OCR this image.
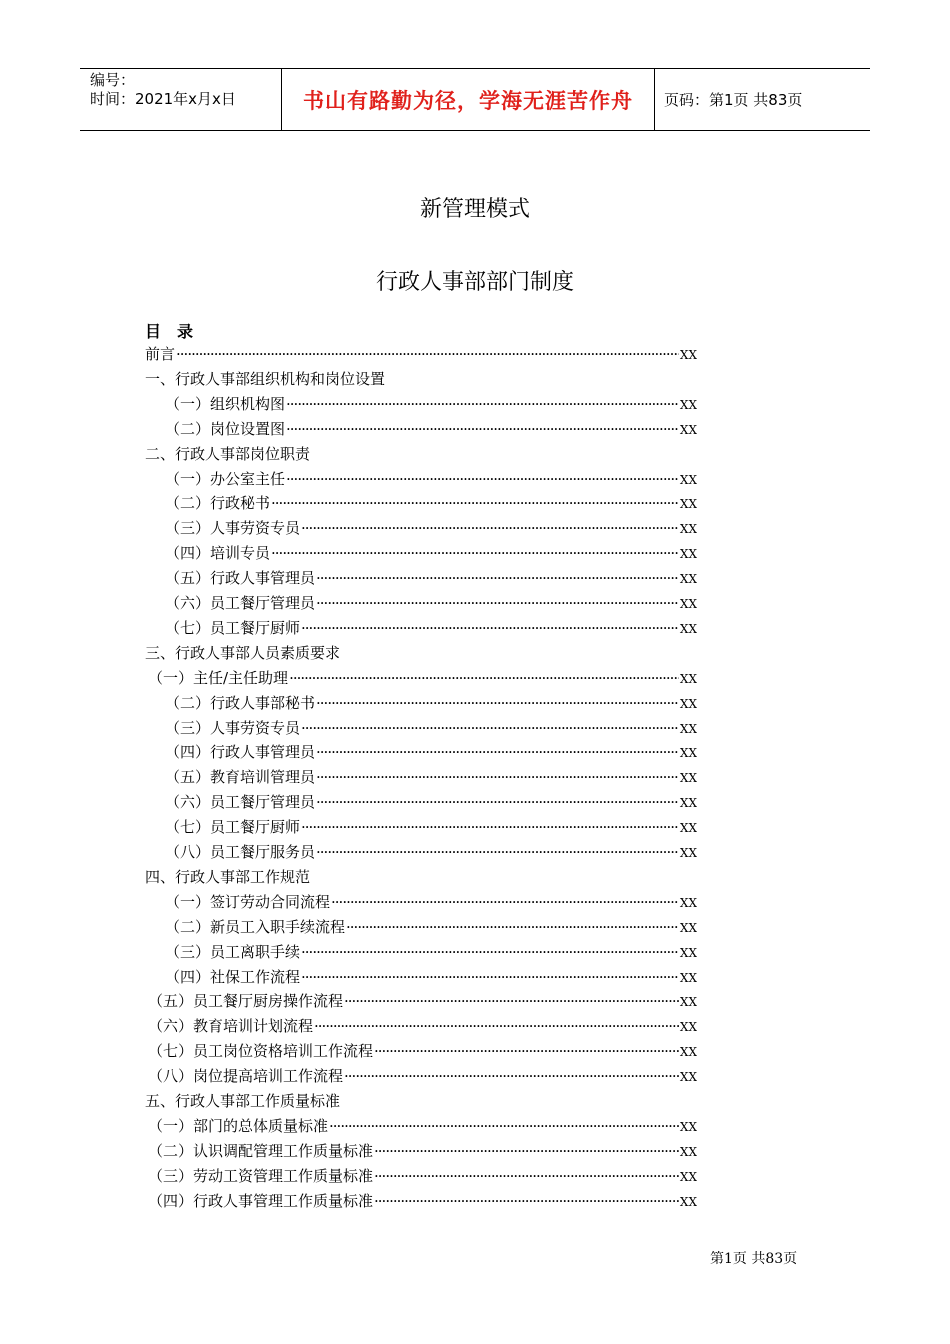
编号：
时间：2021年x月x日	书山有路勤为径，学海无涯苦作舟	页码：第1页 共83页
新管理模式
行政人事部部门制度
目　录
前言 ·····	XX
一、行政人事部组织机构和岗位设置
（一）组织机构图 ·····	XX
（二）岗位设置图 ·····	XX
二、行政人事部岗位职责
（一）办公室主任 ·····	XX
（二）行政秘书 ·····	XX
（三）人事劳资专员 ·····	XX
（四）培训专员 ·····	XX
（五）行政人事管理员 ·····	XX
（六）员工餐厅管理员 ·····	XX
（七）员工餐厅厨师 ·····	XX
三、行政人事部人员素质要求
（一）主任/主任助理 ·····	XX
（二）行政人事部秘书 ·····	XX
（三）人事劳资专员 ·····	XX
（四）行政人事管理员 ·····	XX
（五）教育培训管理员 ·····	XX
（六）员工餐厅管理员 ·····	XX
（七）员工餐厅厨师 ·····	XX
（八）员工餐厅服务员 ·····	XX
四、行政人事部工作规范
（一）签订劳动合同流程 ·····	XX
（二）新员工入职手续流程 ·····	XX
（三）员工离职手续 ·····	XX
（四）社保工作流程 ·····	XX
（五）员工餐厅厨房操作流程 ·····	XX
（六）教育培训计划流程 ·····	XX
（七）员工岗位资格培训工作流程 ·····	XX
（八）岗位提高培训工作流程 ·····	XX
五、行政人事部工作质量标准
（一）部门的总体质量标准 ·····	XX
（二）认识调配管理工作质量标准 ·····	XX
（三）劳动工资管理工作质量标准 ·····	XX
（四）行政人事管理工作质量标准 ·····	XX
第1页 共83页
